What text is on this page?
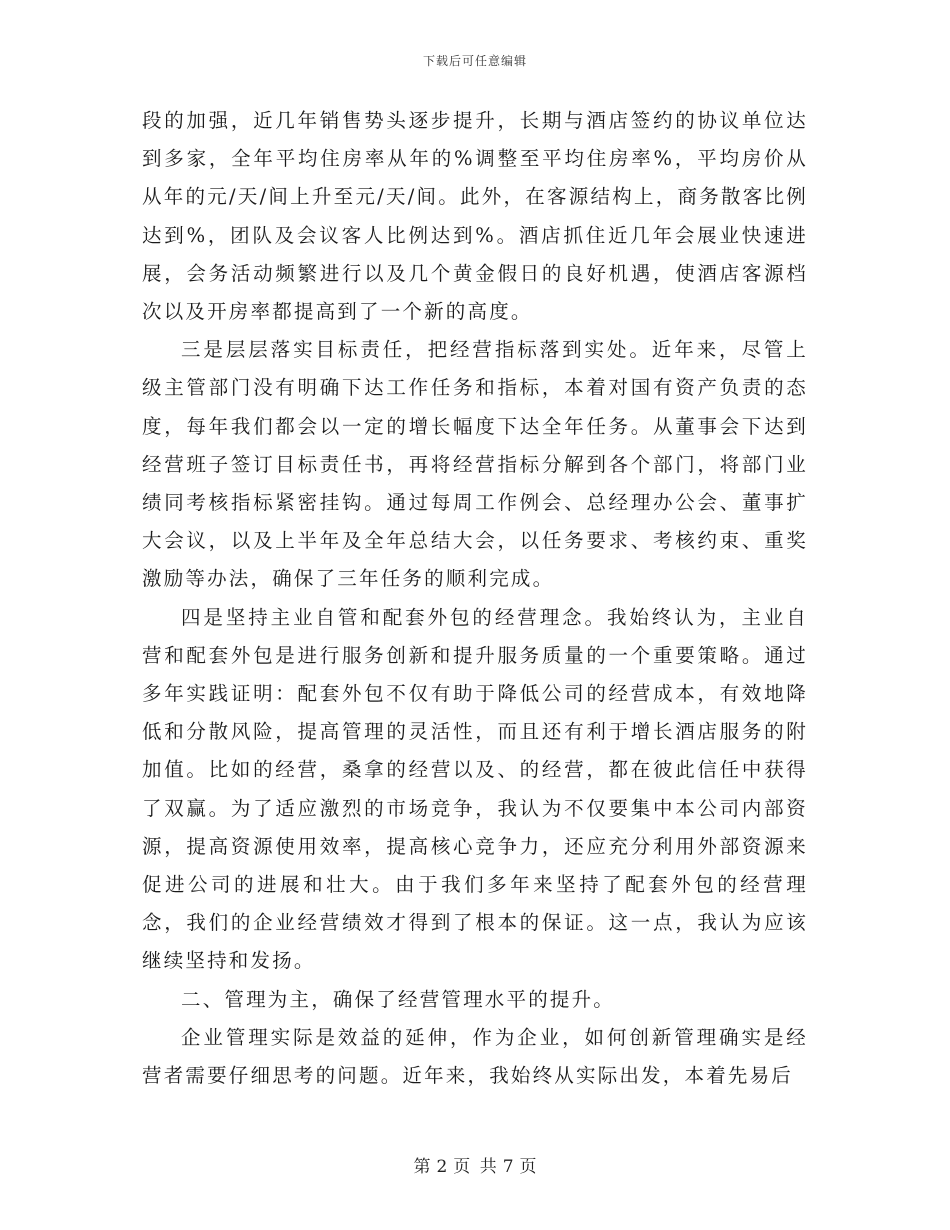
下载后可任意编辑

段的加强，近几年销售势头逐步提升，长期与酒店签约的协议单位达到多家，全年平均住房率从年的%调整至平均住房率%，平均房价从从年的元/天/间上升至元/天/间。此外，在客源结构上，商务散客比例达到%，团队及会议客人比例达到%。酒店抓住近几年会展业快速进展，会务活动频繁进行以及几个黄金假日的良好机遇，使酒店客源档次以及开房率都提高到了一个新的高度。

三是层层落实目标责任，把经营指标落到实处。近年来，尽管上级主管部门没有明确下达工作任务和指标，本着对国有资产负责的态度，每年我们都会以一定的增长幅度下达全年任务。从董事会下达到经营班子签订目标责任书，再将经营指标分解到各个部门，将部门业绩同考核指标紧密挂钩。通过每周工作例会、总经理办公会、董事扩大会议，以及上半年及全年总结大会，以任务要求、考核约束、重奖激励等办法，确保了三年任务的顺利完成。

四是坚持主业自管和配套外包的经营理念。我始终认为，主业自营和配套外包是进行服务创新和提升服务质量的一个重要策略。通过多年实践证明：配套外包不仅有助于降低公司的经营成本，有效地降低和分散风险，提高管理的灵活性，而且还有利于增长酒店服务的附加值。比如的经营，桑拿的经营以及、的经营，都在彼此信任中获得了双赢。为了适应激烈的市场竞争，我认为不仅要集中本公司内部资源，提高资源使用效率，提高核心竞争力，还应充分利用外部资源来促进公司的进展和壮大。由于我们多年来坚持了配套外包的经营理念，我们的企业经营绩效才得到了根本的保证。这一点，我认为应该继续坚持和发扬。

二、管理为主，确保了经营管理水平的提升。

企业管理实际是效益的延伸，作为企业，如何创新管理确实是经营者需要仔细思考的问题。近年来，我始终从实际出发，本着先易后

第 2 页 共 7 页
